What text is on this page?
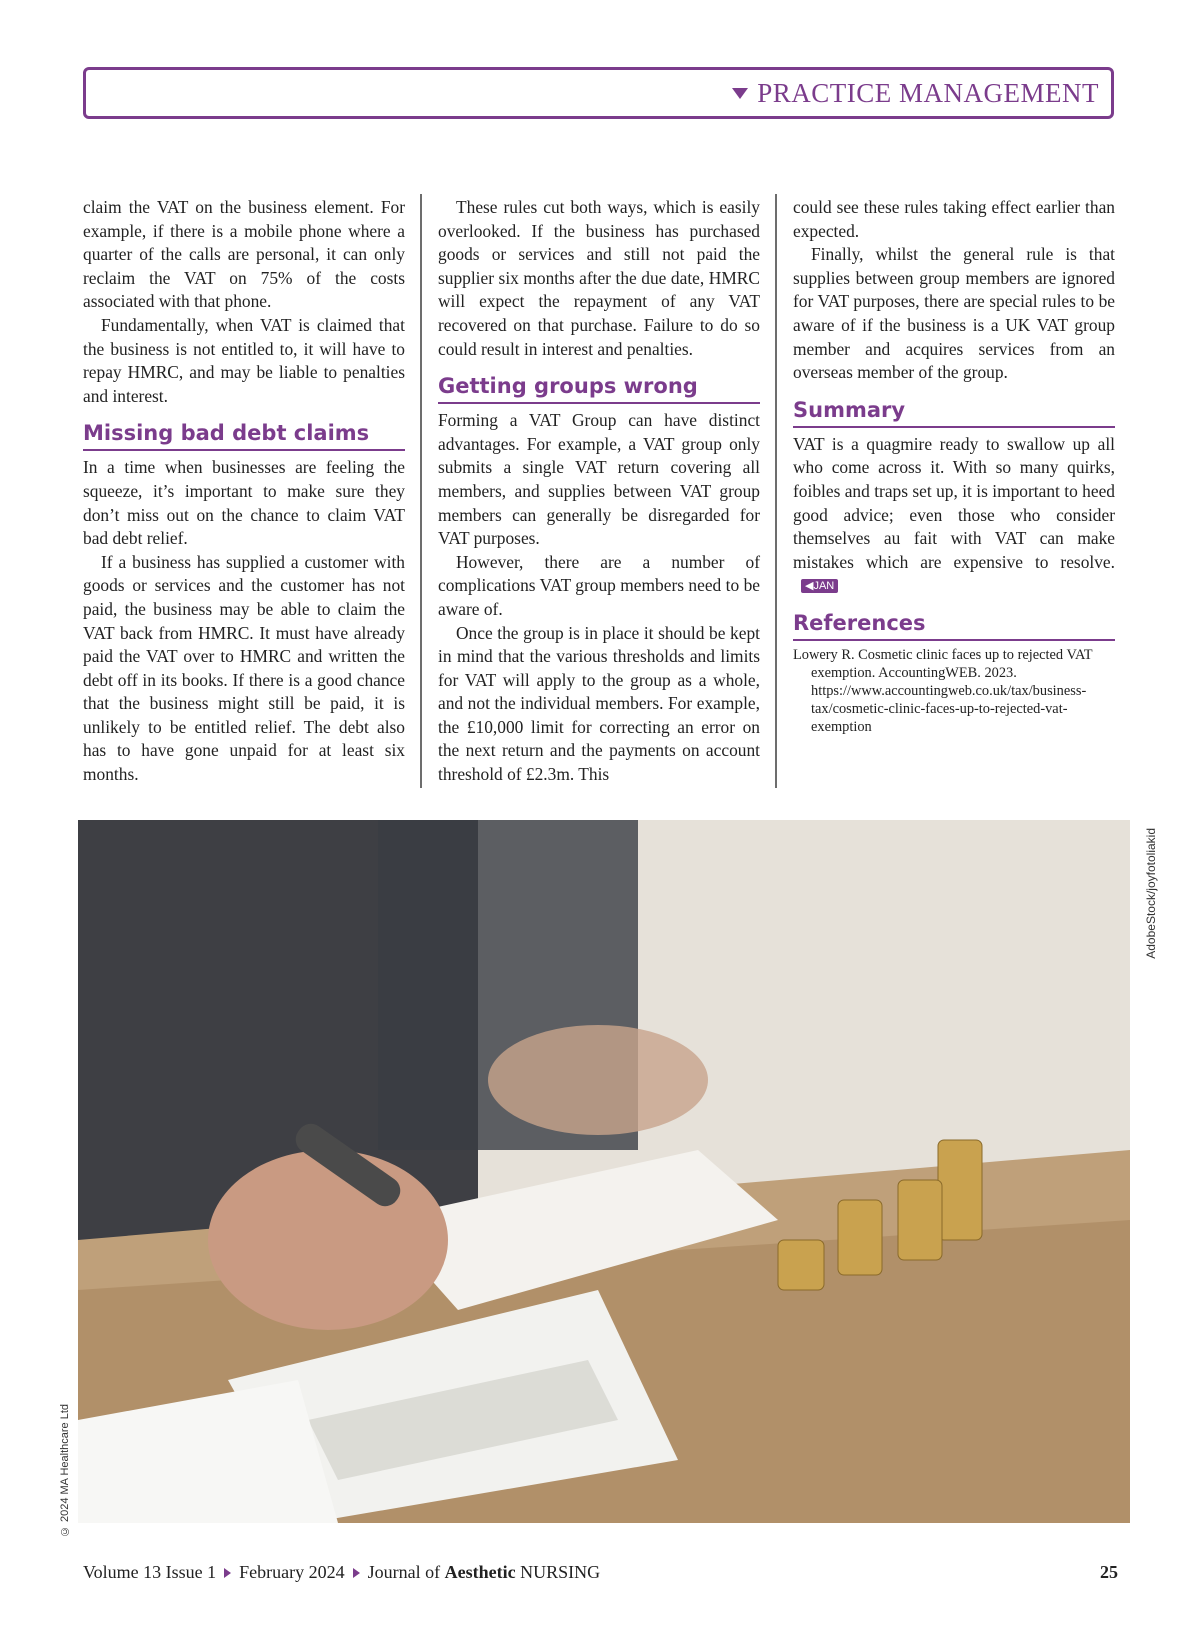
PRACTICE MANAGEMENT

claim the VAT on the business element. For example, if there is a mobile phone where a quarter of the calls are personal, it can only reclaim the VAT on 75% of the costs associated with that phone.

Fundamentally, when VAT is claimed that the business is not entitled to, it will have to repay HMRC, and may be liable to penalties and interest.

Missing bad debt claims

In a time when businesses are feeling the squeeze, it’s important to make sure they don’t miss out on the chance to claim VAT bad debt relief.

If a business has supplied a customer with goods or services and the customer has not paid, the business may be able to claim the VAT back from HMRC. It must have already paid the VAT over to HMRC and written the debt off in its books. If there is a good chance that the business might still be paid, it is unlikely to be entitled relief. The debt also has to have gone unpaid for at least six months.

These rules cut both ways, which is easily overlooked. If the business has purchased goods or services and still not paid the supplier six months after the due date, HMRC will expect the repayment of any VAT recovered on that purchase. Failure to do so could result in interest and penalties.

Getting groups wrong

Forming a VAT Group can have distinct advantages. For example, a VAT group only submits a single VAT return covering all members, and supplies between VAT group members can generally be disregarded for VAT purposes.

However, there are a number of complications VAT group members need to be aware of.

Once the group is in place it should be kept in mind that the various thresholds and limits for VAT will apply to the group as a whole, and not the individual members. For example, the £10,000 limit for correcting an error on the next return and the payments on account threshold of £2.3m. This

could see these rules taking effect earlier than expected.

Finally, whilst the general rule is that supplies between group members are ignored for VAT purposes, there are special rules to be aware of if the business is a UK VAT group member and acquires services from an overseas member of the group.

Summary

VAT is a quagmire ready to swallow up all who come across it. With so many quirks, foibles and traps set up, it is important to heed good advice; even those who consider themselves au fait with VAT can make mistakes which are expensive to resolve.◀JAN

References

Lowery R. Cosmetic clinic faces up to rejected VAT exemption. AccountingWEB. 2023. https://www.accountingweb.co.uk/tax/business-tax/cosmetic-clinic-faces-up-to-rejected-vat-exemption

AdobeStock/joyfotoliakid
© 2024 MA Healthcare Ltd
Volume 13 Issue 1 February 2024 Journal of
Aesthetic
NURSING	25
